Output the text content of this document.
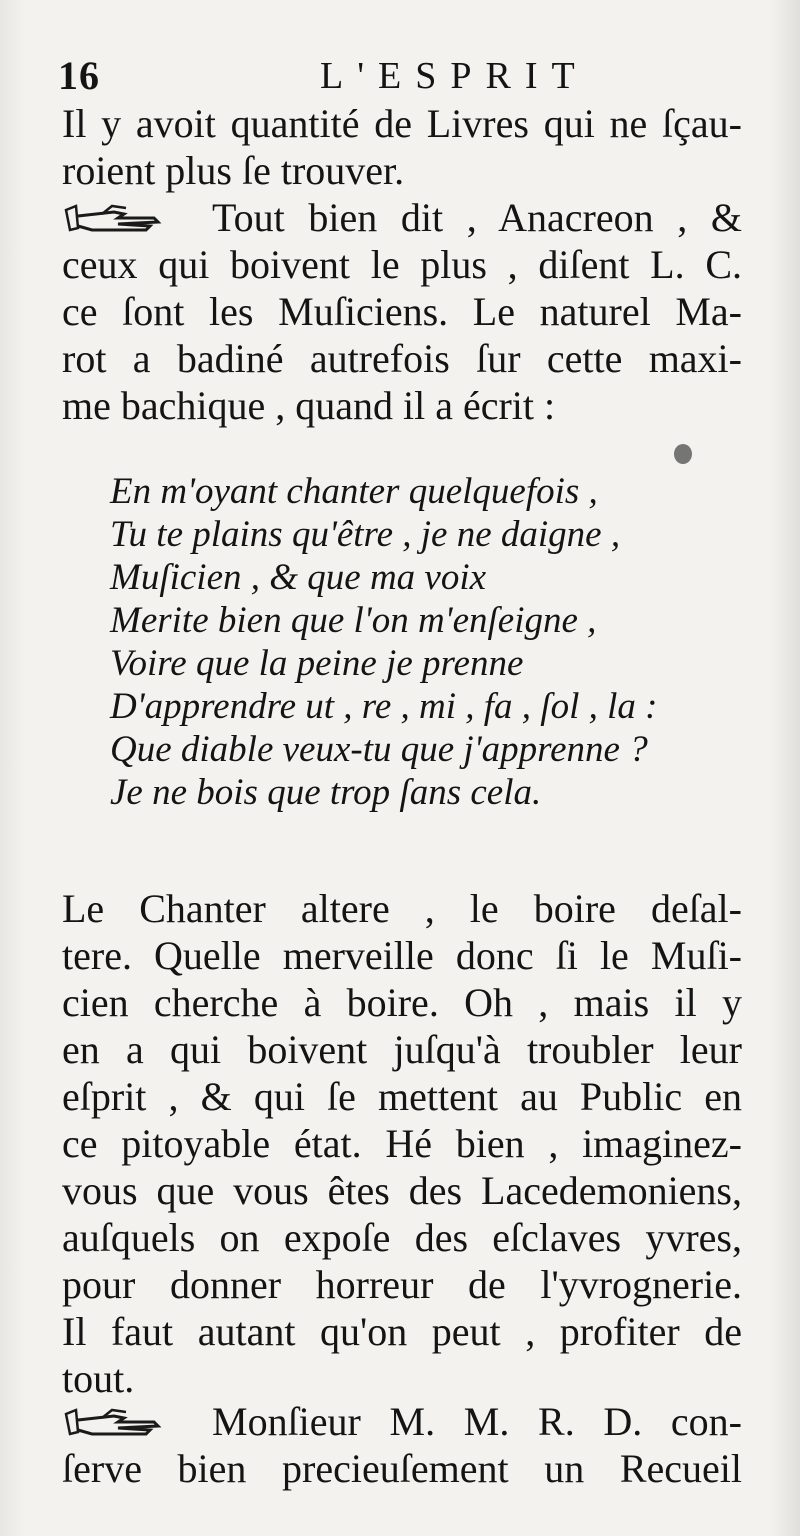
16	L'ESPRIT
Il y avoit quantité de Livres qui ne ſçau-
roient plus ſe trouver.
Tout bien dit , Anacreon , &
ceux qui boivent le plus , diſent L. C.
ce ſont les Muſiciens. Le naturel Ma-
rot a badiné autrefois ſur cette maxi-
me bachique , quand il a écrit :
En m'oyant chanter quelquefois ,
Tu te plains qu'être , je ne daigne ,
Muſicien , & que ma voix
Merite bien que l'on m'enſeigne ,
Voire que la peine je prenne
D'apprendre ut , re , mi , fa , ſol , la :
Que diable veux-tu que j'apprenne ?
Je ne bois que trop ſans cela.
Le Chanter altere , le boire deſal-
tere. Quelle merveille donc ſi le Muſi-
cien cherche à boire. Oh , mais il y
en a qui boivent juſqu'à troubler leur
eſprit , & qui ſe mettent au Public en
ce pitoyable état. Hé bien , imaginez-
vous que vous êtes des Lacedemoniens,
auſquels on expoſe des eſclaves yvres,
pour donner horreur de l'yvrognerie.
Il faut autant qu'on peut , profiter de
tout.
Monſieur M. M. R. D. con-
ſerve bien precieuſement un Recueil
